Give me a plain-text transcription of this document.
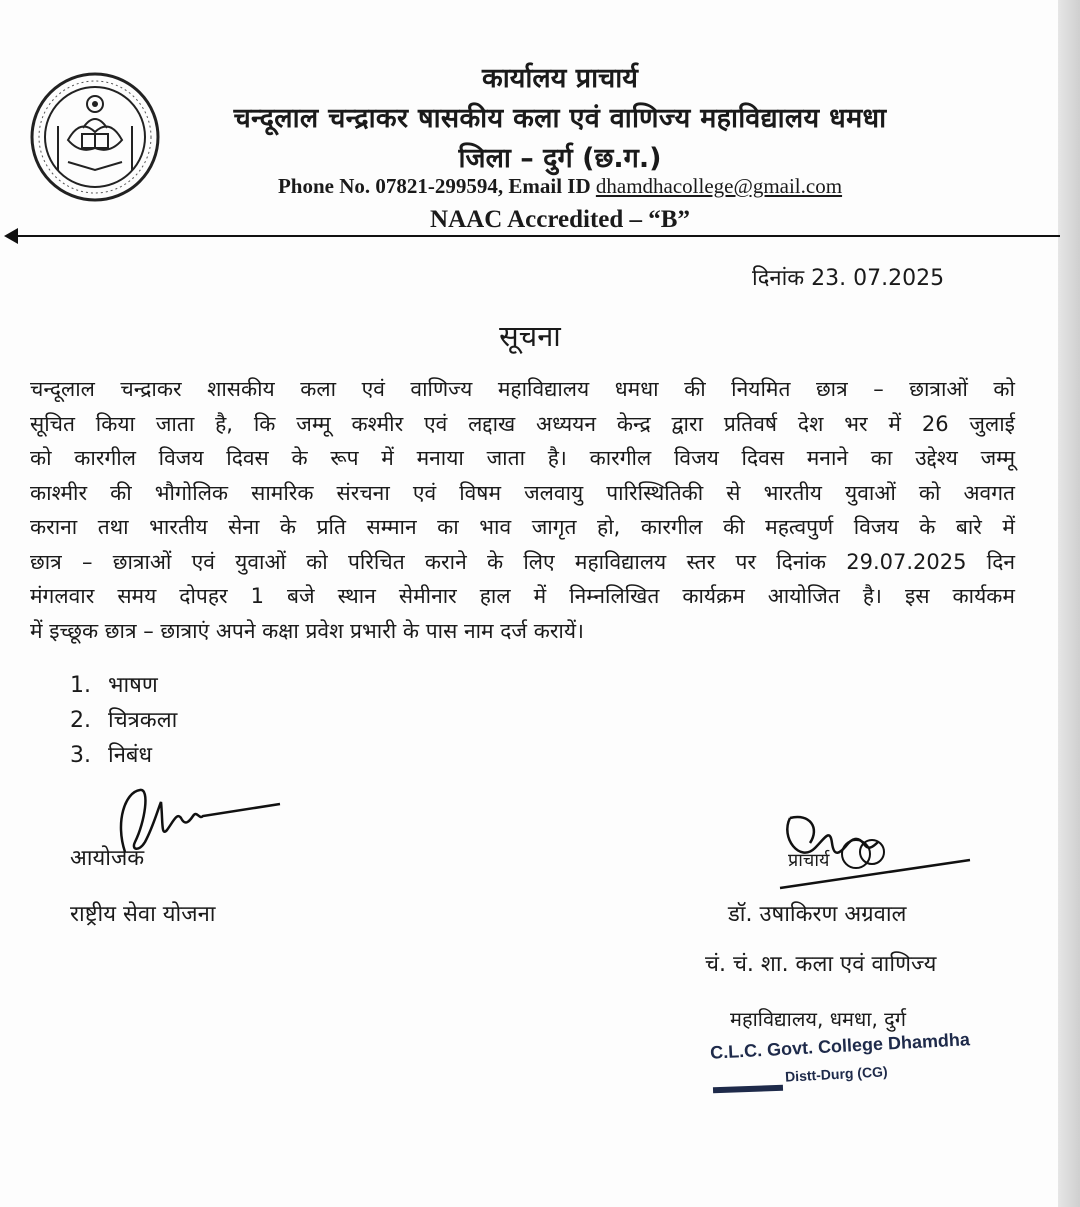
कार्यालय प्राचार्य
चन्दूलाल चन्द्राकर षासकीय कला एवं वाणिज्य महाविद्यालय धमधा
जिला – दुर्ग (छ.ग.)
Phone No. 07821-299594, Email ID dhamdhacollege@gmail.com
NAAC Accredited – “B”
दिनांक 23. 07.2025
सूचना
चन्दूलाल चन्द्राकर शासकीय कला एवं वाणिज्य महाविद्यालय धमधा की नियमित छात्र – छात्राओं को
सूचित किया जाता है, कि जम्मू कश्मीर एवं लद्दाख अध्ययन केन्द्र द्वारा प्रतिवर्ष देश भर में 26 जुलाई
को कारगील विजय दिवस के रूप में मनाया जाता है। कारगील विजय दिवस मनाने का उद्देश्य जम्मू
काश्मीर की भौगोलिक सामरिक संरचना एवं विषम जलवायु पारिस्थितिकी से भारतीय युवाओं को अवगत
कराना तथा भारतीय सेना के प्रति सम्मान का भाव जागृत हो, कारगील की महत्वपुर्ण विजय के बारे में
छात्र – छात्राओं एवं युवाओं को परिचित कराने के लिए महाविद्यालय स्तर पर दिनांक 29.07.2025 दिन
मंगलवार समय दोपहर 1 बजे स्थान सेमीनार हाल में निम्नलिखित कार्यक्रम आयोजित है। इस कार्यकम
में इच्छूक छात्र – छात्राएं अपने कक्षा प्रवेश प्रभारी के पास नाम दर्ज करायें।
1. भाषण
2. चित्रकला
3. निबंध
आयोजक
राष्ट्रीय सेवा योजना
प्राचार्य
डॉ. उषाकिरण अग्रवाल
चं. चं. शा. कला एवं वाणिज्य
महाविद्यालय, धमधा, दुर्ग
C.L.C. Govt. College Dhamdha
Distt-Durg (CG)
